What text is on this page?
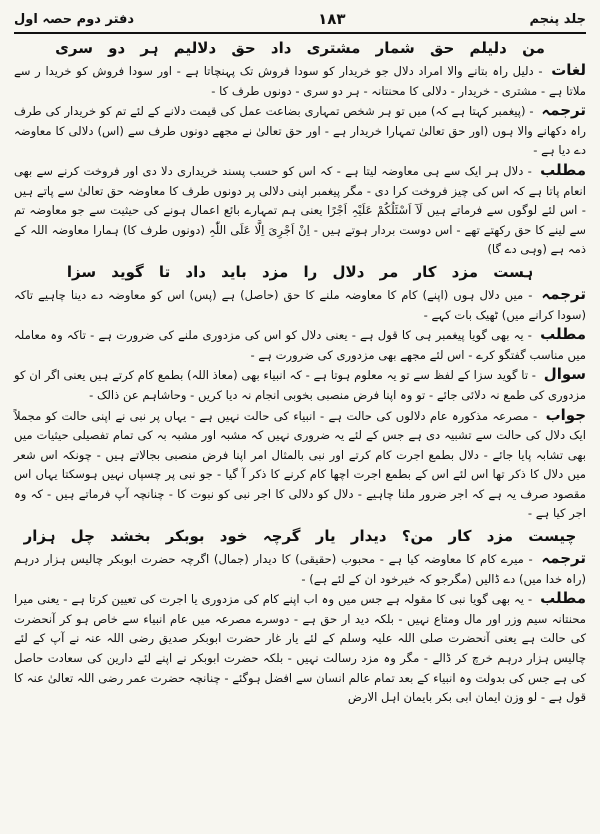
جلد پنجم
١٨٣
دفتر دوم حصہ اول
من دلیلم حق شمار مشتری داد حق دلالیم ہر دو سری

لغات - دلیل راہ بتانے والا امراد دلال جو خریدار کو سودا فروش تک پہنچاتا ہے - اور سودا فروش کو خریدا ر سے ملاتا ہے - مشتری - خریدار - دلالی کا محنتانہ - ہر دو سری - دونوں طرف کا -

ترجمہ - (پیغمبر کہتا ہے کہ) میں تو ہر شخص تمہاری بضاعت عمل کی قیمت دلانے کے لئے تم کو خریدار کی طرف راہ دکھانے والا ہوں (اور حق تعالیٰ تمہارا خریدار ہے - اور حق تعالیٰ نے مجھے دونوں طرف سے (اس) دلالی کا معاوضہ دے دیا ہے -

مطلب - دلال ہر ایک سے ہی معاوضہ لیتا ہے - کہ اس کو حسب پسند خریداری دلا دی اور فروخت کرنے سے بھی انعام پاتا ہے کہ اس کی چیز فروخت کرا دی - مگر پیغمبر اپنی دلالی پر دونوں طرف کا معاوضہ حق تعالیٰ سے پاتے ہیں - اس لئے لوگوں سے فرماتے ہیں لَآ اَسْئَلُکُمْ عَلَیْہِ اَجْرًا یعنی ہم تمہارے بائع اعمال ہونے کی حیثیت سے جو معاوضہ تم سے لینے کا حق رکھتے تھے - اس دوست بردار ہوتے ہیں - اِنْ اَجْرِیَ اِلَّا عَلَی اللّٰہِ (دونوں طرف کا) ہمارا معاوضہ اللہ کے ذمہ ہے (وہی دے گا)

ہست مزد کار مر دلال را مزد باید داد تا گوید سزا

ترجمہ - میں دلال ہوں (اپنے) کام کا معاوضہ ملنے کا حق (حاصل) ہے (پس) اس کو معاوضہ دے دینا چاہیے تاکہ (سودا کرانے میں) ٹھیک بات کہے -

مطلب - یہ بھی گویا پیغمبر ہی کا قول ہے - یعنی دلال کو اس کی مزدوری ملنے کی ضرورت ہے - تاکہ وہ معاملہ میں مناسب گفتگو کرے - اس لئے مجھے بھی مزدوری کی ضرورت ہے -

سوال - تا گوید سزا کے لفظ سے تو یہ معلوم ہوتا ہے - کہ انبیاء بھی (معاذ اللہ) بطمع کام کرتے ہیں یعنی اگر ان کو مزدوری کی طمع نہ دلائی جائے - تو وہ اپنا فرض منصبی بخوبی انجام نہ دیا کریں - وحاشاہم عن ذالک -

جواب - مصرعہ مذکورہ عام دلالوں کی حالت ہے - انبیاء کی حالت نہیں ہے - یہاں پر نبی نے اپنی حالت کو مجملاً ایک دلال کی حالت سے تشبیہ دی ہے جس کے لئے یہ ضروری نہیں کہ مشبہ اور مشبہ بہ کی تمام تفصیلی حیثیات میں بھی تشابہ پایا جائے - دلال بطمع اجرت کام کرتے اور نبی بالمثال امر اپنا فرض منصبی بجالاتے ہیں - چونکہ اس شعر میں دلال کا ذکر تھا اس لئے اس کے بطمع اجرت اچھا کام کرنے کا ذکر آ گیا - جو نبی پر چسپاں نہیں ہوسکتا یہاں اس مقصود صرف یہ ہے کہ اجر ضرور ملنا چاہیے - دلال کو دلالی کا اجر نبی کو نبوت کا - چنانچہ آپ فرماتے ہیں - کہ وہ اجر کیا ہے -

چیست مزد کار من؟ دیدار یار گرچہ خود بوبکر بخشد چل ہزار

ترجمہ - میرے کام کا معاوضہ کیا ہے - محبوب (حقیقی) کا دیدار (جمال) اگرچہ حضرت ابوبکر چالیس ہزار درہم (راہ خدا میں) دے ڈالیں (مگرجو کہ خیرخود ان کے لئے ہے) -

مطلب - یہ بھی گویا نبی کا مقولہ ہے جس میں وہ اب اپنے کام کی مزدوری یا اجرت کی تعیین کرتا ہے - یعنی میرا محنتانہ سیم وزر اور مال ومتاع نہیں - بلکہ دید ار حق ہے - دوسرے مصرعہ میں عام انبیاء سے خاص ہو کر آنحضرت کی حالت ہے یعنی آنحضرت صلی اللہ علیہ وسلم کے لئے یار غار حضرت ابوبکر صدیق رضی اللہ عنہ نے آپ کے لئے چالیس ہزار درہم خرچ کر ڈالے - مگر وہ مزد رسالت نہیں - بلکہ حضرت ابوبکر نے اپنے لئے دارین کی سعادت حاصل کی ہے جس کی بدولت وہ انبیاء کے بعد تمام عالم انسان سے افضل ہوگئے - چنانچہ حضرت عمر رضی اللہ تعالیٰ عنہ کا قول ہے - لو وزن ایمان ابی بکر بایمان اہل الارض
